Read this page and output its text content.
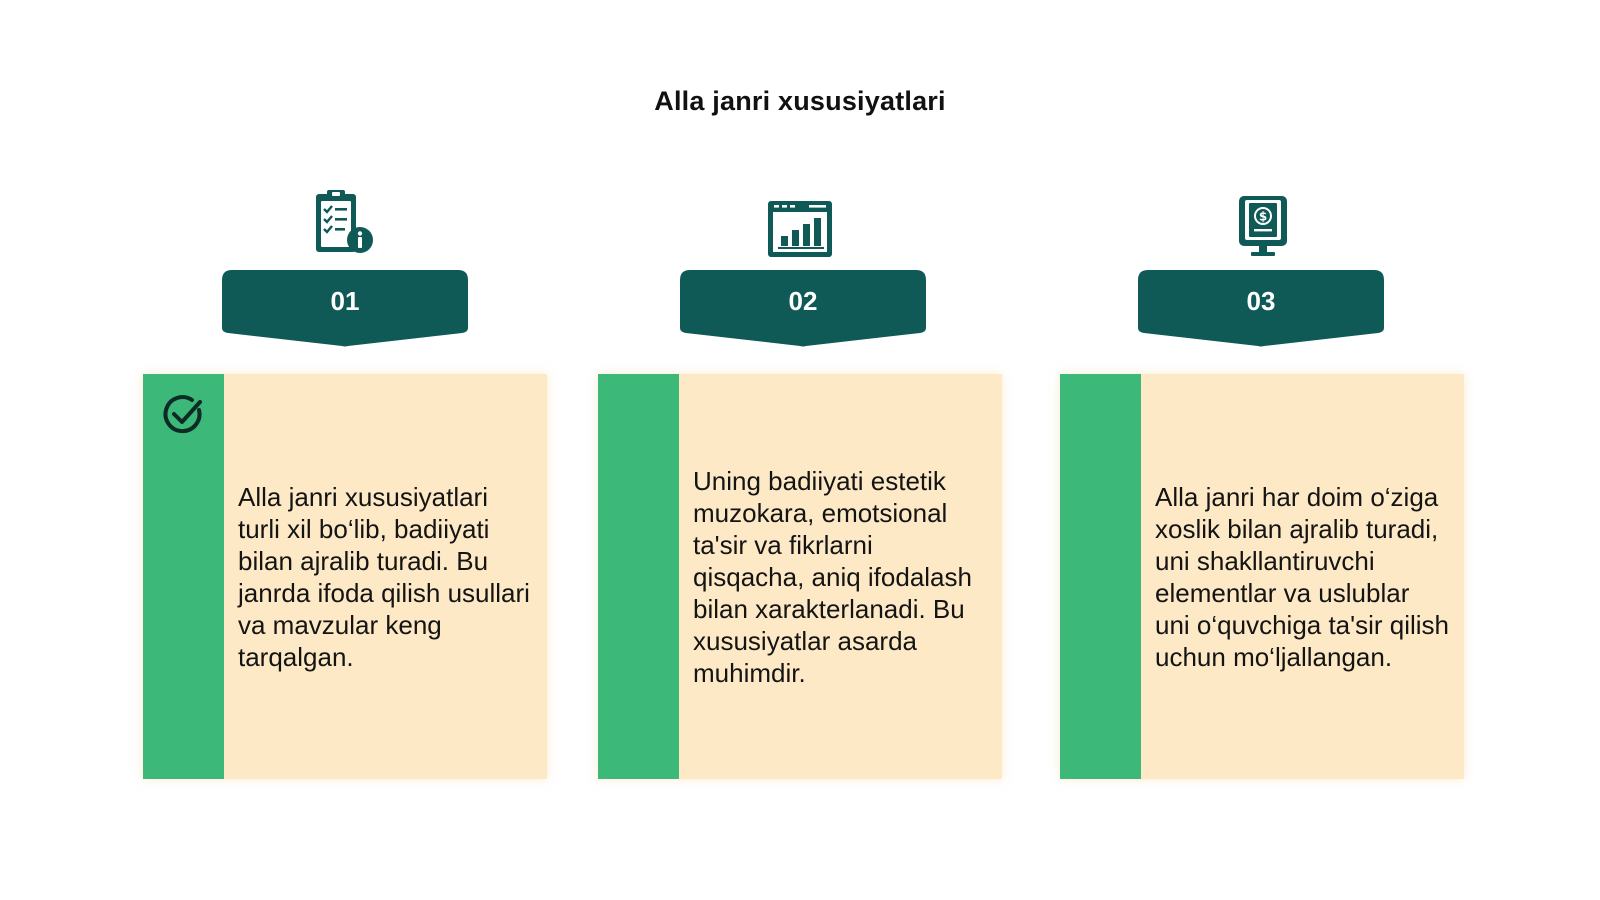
Alla janri xususiyatlari
01
Alla janri xususiyatlari turli xil bo‘lib, badiiyati bilan ajralib turadi. Bu janrda ifoda qilish usullari va mavzular keng tarqalgan.
02
Uning badiiyati estetik muzokara, emotsional ta'sir va fikrlarni qisqacha, aniq ifodalash bilan xarakterlanadi. Bu xususiyatlar asarda muhimdir.
$
03
Alla janri har doim o‘ziga xoslik bilan ajralib turadi, uni shakllantiruvchi elementlar va uslublar uni o‘quvchiga ta'sir qilish uchun mo‘ljallangan.
